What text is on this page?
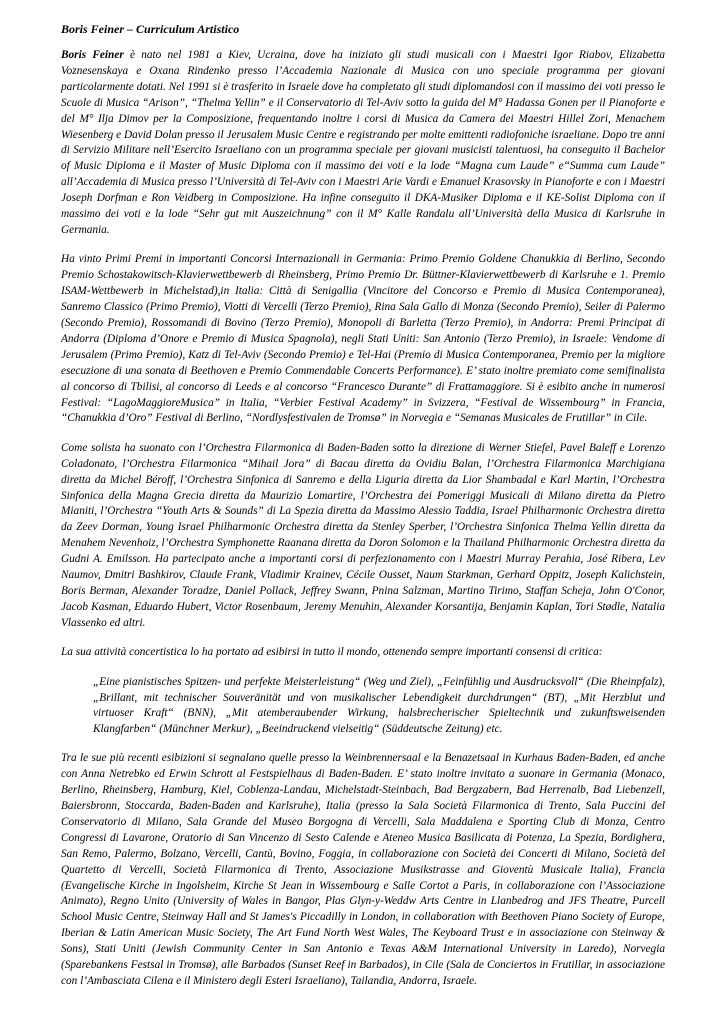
Boris Feiner – Curriculum Artistico

Boris Feiner è nato nel 1981 a Kiev, Ucraina, dove ha iniziato gli studi musicali con i Maestri Igor Riabov, Elizabetta Voznesenskaya e Oxana Rindenko presso l’Accademia Nazionale di Musica con uno speciale programma per giovani particolarmente dotati. Nel 1991 si è trasferito in Israele dove ha completato gli studi diplomandosi con il massimo dei voti presso le Scuole di Musica “Arison”, “Thelma Yellin” e il Conservatorio di Tel-Aviv sotto la guida del M° Hadassa Gonen per il Pianoforte e del M° Ilja Dimov per la Composizione, frequentando inoltre i corsi di Musica da Camera dei Maestri Hillel Zori, Menachem Wiesenberg e David Dolan presso il Jerusalem Music Centre e registrando per molte emittenti radiofoniche israeliane. Dopo tre anni di Servizio Militare nell’Esercito Israeliano con un programma speciale per giovani musicisti talentuosi, ha conseguito il Bachelor of Music Diploma e il Master of Music Diploma con il massimo dei voti e la lode “Magna cum Laude” e“Summa cum Laude” all’Accademia di Musica presso l’Università di Tel-Aviv con i Maestri Arie Vardi e Emanuel Krasovsky in Pianoforte e con i Maestri Joseph Dorfman e Ron Veidberg in Composizione. Ha infine conseguito il DKA-Musiker Diploma e il KE-Solist Diploma con il massimo dei voti e la lode “Sehr gut mit Auszeichnung” con il M° Kalle Randalu all’Università della Musica di Karlsruhe in Germania.

Ha vinto Primi Premi in importanti Concorsi Internazionali in Germania: Primo Premio Goldene Chanukkia di Berlino, Secondo Premio Schostakowitsch-Klavierwettbewerb di Rheinsberg, Primo Premio Dr. Büttner-Klavierwettbewerb di Karlsruhe e 1. Premio ISAM-Wettbewerb in Michelstad),in Italia: Città di Senigallia (Vincitore del Concorso e Premio di Musica Contemporanea), Sanremo Classico (Primo Premio), Viotti di Vercelli (Terzo Premio), Rina Sala Gallo di Monza (Secondo Premio), Seiler di Palermo (Secondo Premio), Rossomandi di Bovino (Terzo Premio), Monopoli di Barletta (Terzo Premio), in Andorra: Premi Principat di Andorra (Diploma d’Onore e Premio di Musica Spagnola), negli Stati Uniti: San Antonio (Terzo Premio), in Israele: Vendome di Jerusalem (Primo Premio), Katz di Tel-Aviv (Secondo Premio) e Tel-Hai (Premio di Musica Contemporanea, Premio per la migliore esecuzione di una sonata di Beethoven e Premio Commendable Concerts Performance). E’ stato inoltre premiato come semifinalista al concorso di Tbilisi, al concorso di Leeds e al concorso “Francesco Durante” di Frattamaggiore. Si è esibito anche in numerosi Festival: “LagoMaggioreMusica” in Italia, “Verbier Festival Academy” in Svizzera, “Festival de Wissembourg” in Francia, “Chanukkia d’Oro” Festival di Berlino, “Nordlysfestivalen de Tromsø” in Norvegia e “Semanas Musicales de Frutillar” in Cile.

Come solista ha suonato con l’Orchestra Filarmonica di Baden-Baden sotto la direzione di Werner Stiefel, Pavel Baleff e Lorenzo Coladonato, l’Orchestra Filarmonica “Mihail Jora” di Bacau diretta da Ovidiu Balan, l’Orchestra Filarmonica Marchigiana diretta da Michel Béroff, l’Orchestra Sinfonica di Sanremo e della Liguria diretta da Lior Shambadal e Karl Martin, l’Orchestra Sinfonica della Magna Grecia diretta da Maurizio Lomartire, l’Orchestra dei Pomeriggi Musicali di Milano diretta da Pietro Mianiti, l’Orchestra “Youth Arts & Sounds” di La Spezia diretta da Massimo Alessio Taddia, Israel Philharmonic Orchestra diretta da Zeev Dorman, Young Israel Philharmonic Orchestra diretta da Stenley Sperber, l’Orchestra Sinfonica Thelma Yellin diretta da Menahem Nevenhoiz, l’Orchestra Symphonette Raanana diretta da Doron Solomon e la Thailand Philharmonic Orchestra diretta da Gudni A. Emilsson. Ha partecipato anche a importanti corsi di perfezionamento con i Maestri Murray Perahia, José Ribera, Lev Naumov, Dmitri Bashkirov, Claude Frank, Vladimir Krainev, Cécile Ousset, Naum Starkman, Gerhard Oppitz, Joseph Kalichstein, Boris Berman, Alexander Toradze, Daniel Pollack, Jeffrey Swann, Pnina Salzman, Martino Tirimo, Staffan Scheja, John O'Conor, Jacob Kasman, Eduardo Hubert, Victor Rosenbaum, Jeremy Menuhin, Alexander Korsantija, Benjamin Kaplan, Tori Stødle, Natalia Vlassenko ed altri.

La sua attività concertistica lo ha portato ad esibirsi in tutto il mondo, ottenendo sempre importanti consensi di critica:

„Eine pianistisches Spitzen- und perfekte Meisterleistung“ (Weg und Ziel), „Feinfühlig und Ausdrucksvoll“ (Die Rheinpfalz), „Brillant, mit technischer Souveränität und von musikalischer Lebendigkeit durchdrungen“ (BT), „Mit Herzblut und virtuoser Kraft“ (BNN), „Mit atemberaubender Wirkung, halsbrecherischer Spieltechnik und zukunftsweisenden Klangfarben“ (Münchner Merkur), „Beeindruckend vielseitig“ (Süddeutsche Zeitung) etc.

Tra le sue più recenti esibizioni si segnalano quelle presso la Weinbrennersaal e la Benazetsaal in Kurhaus Baden-Baden, ed anche con Anna Netrebko ed Erwin Schrott al Festspielhaus di Baden-Baden. E’ stato inoltre invitato a suonare in Germania (Monaco, Berlino, Rheinsberg, Hamburg, Kiel, Coblenza-Landau, Michelstadt-Steinbach, Bad Bergzabern, Bad Herrenalb, Bad Liebenzell, Baiersbronn, Stoccarda, Baden-Baden and Karlsruhe), Italia (presso la Sala Società Filarmonica di Trento, Sala Puccini del Conservatorio di Milano, Sala Grande del Museo Borgogna di Vercelli, Sala Maddalena e Sporting Club di Monza, Centro Congressi di Lavarone, Oratorio di San Vincenzo di Sesto Calende e Ateneo Musica Basilicata di Potenza, La Spezia, Bordighera, San Remo, Palermo, Bolzano, Vercelli, Cantù, Bovino, Foggia, in collaborazione con Società dei Concerti di Milano, Società del Quartetto di Vercelli, Società Filarmonica di Trento, Associazione Musikstrasse and Gioventù Musicale Italia), Francia (Evangelische Kirche in Ingolsheim, Kirche St Jean in Wissembourg e Salle Cortot a Paris, in collaborazione con l’Associazione Animato), Regno Unito (University of Wales in Bangor, Plas Glyn-y-Weddw Arts Centre in Llanbedrog and JFS Theatre, Purcell School Music Centre, Steinway Hall and St James's Piccadilly in London, in collaboration with Beethoven Piano Society of Europe, Iberian & Latin American Music Society, The Art Fund North West Wales, The Keyboard Trust e in associazione con Steinway & Sons), Stati Uniti (Jewish Community Center in San Antonio e Texas A&M International University in Laredo), Norvegia (Sparebankens Festsal in Tromsø), alle Barbados (Sunset Reef in Barbados), in Cile (Sala de Conciertos in Frutillar, in associazione con l’Ambasciata Cilena e il Ministero degli Esteri Israeliano), Tailandia, Andorra, Israele.
